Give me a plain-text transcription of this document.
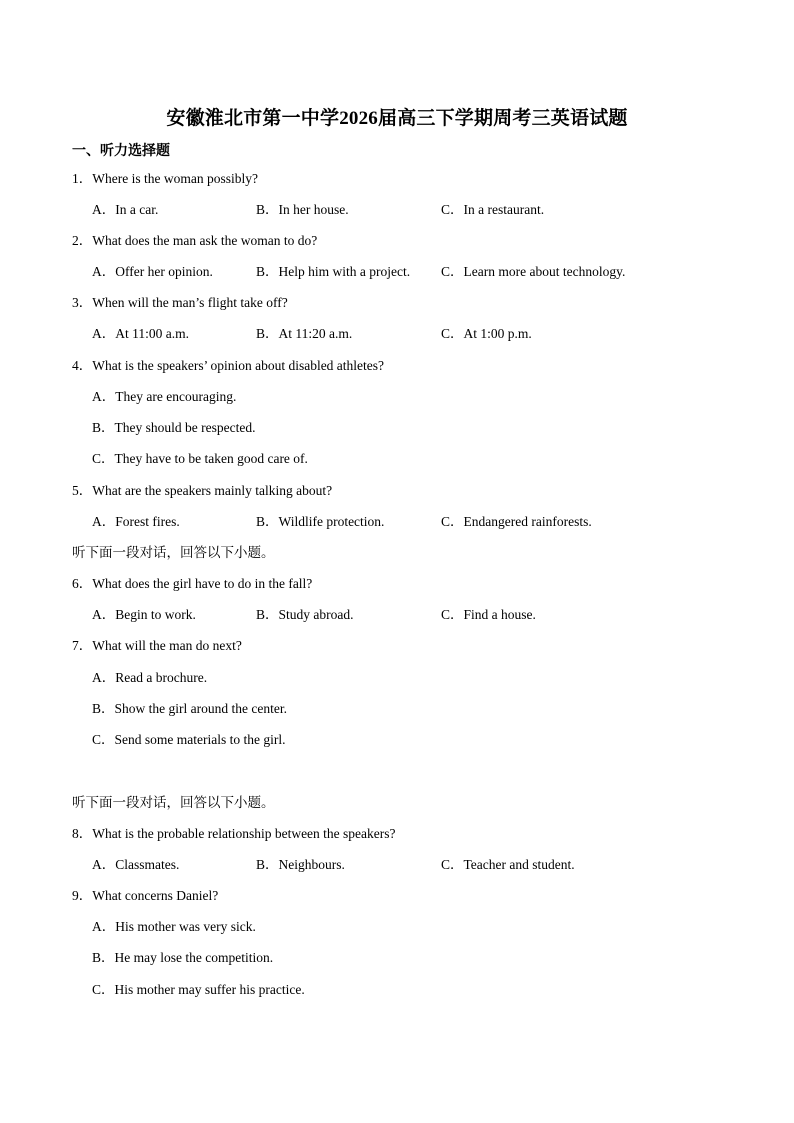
安徽淮北市第一中学2026届高三下学期周考三英语试题
一、听力选择题
1．Where is the woman possibly?
A．In a car.	B．In her house.	C．In a restaurant.
2．What does the man ask the woman to do?
A．Offer her opinion.	B．Help him with a project. C．Learn more about technology.
3．When will the man’s flight take off?
A．At 11:00 a.m.	B．At 11:20 a.m.	C．At 1:00 p.m.
4．What is the speakers’ opinion about disabled athletes?
A．They are encouraging.
B．They should be respected.
C．They have to be taken good care of.
5．What are the speakers mainly talking about?
A．Forest fires.	B．Wildlife protection.	C．Endangered rainforests.
听下面一段对话，回答以下小题。
6．What does the girl have to do in the fall?
A．Begin to work.	B．Study abroad.	C．Find a house.
7．What will the man do next?
A．Read a brochure.
B．Show the girl around the center.
C．Send some materials to the girl.
听下面一段对话，回答以下小题。
8．What is the probable relationship between the speakers?
A．Classmates.	B．Neighbours.	C．Teacher and student.
9．What concerns Daniel?
A．His mother was very sick.
B．He may lose the competition.
C．His mother may suffer his practice.
